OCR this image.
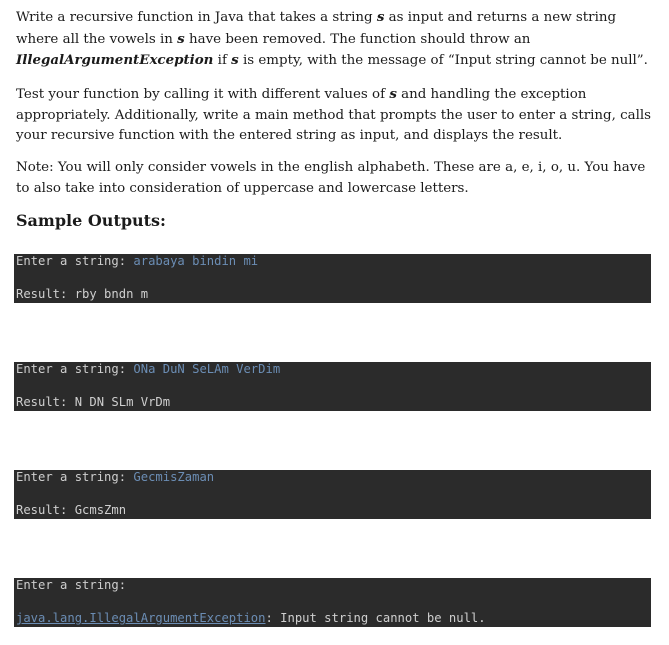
Write a recursive function in Java that takes a string s as input and returns a new string where all the vowels in s have been removed. The function should throw an IllegalArgumentException if s is empty, with the message of “Input string cannot be null”.

Test your function by calling it with different values of s and handling the exception appropriately. Additionally, write a main method that prompts the user to enter a string, calls your recursive function with the entered string as input, and displays the result.

Note: You will only consider vowels in the english alphabeth. These are a, e, i, o, u. You have to also take into consideration of uppercase and lowercase letters.

Sample Outputs:
Enter a string: arabaya bindin mi
Result: rby bndn m
Enter a string: ONa DuN SeLAm VerDim
Result: N DN SLm VrDm
Enter a string: GecmisZaman
Result: GcmsZmn
Enter a string:
java.lang.IllegalArgumentException: Input string cannot be null.
